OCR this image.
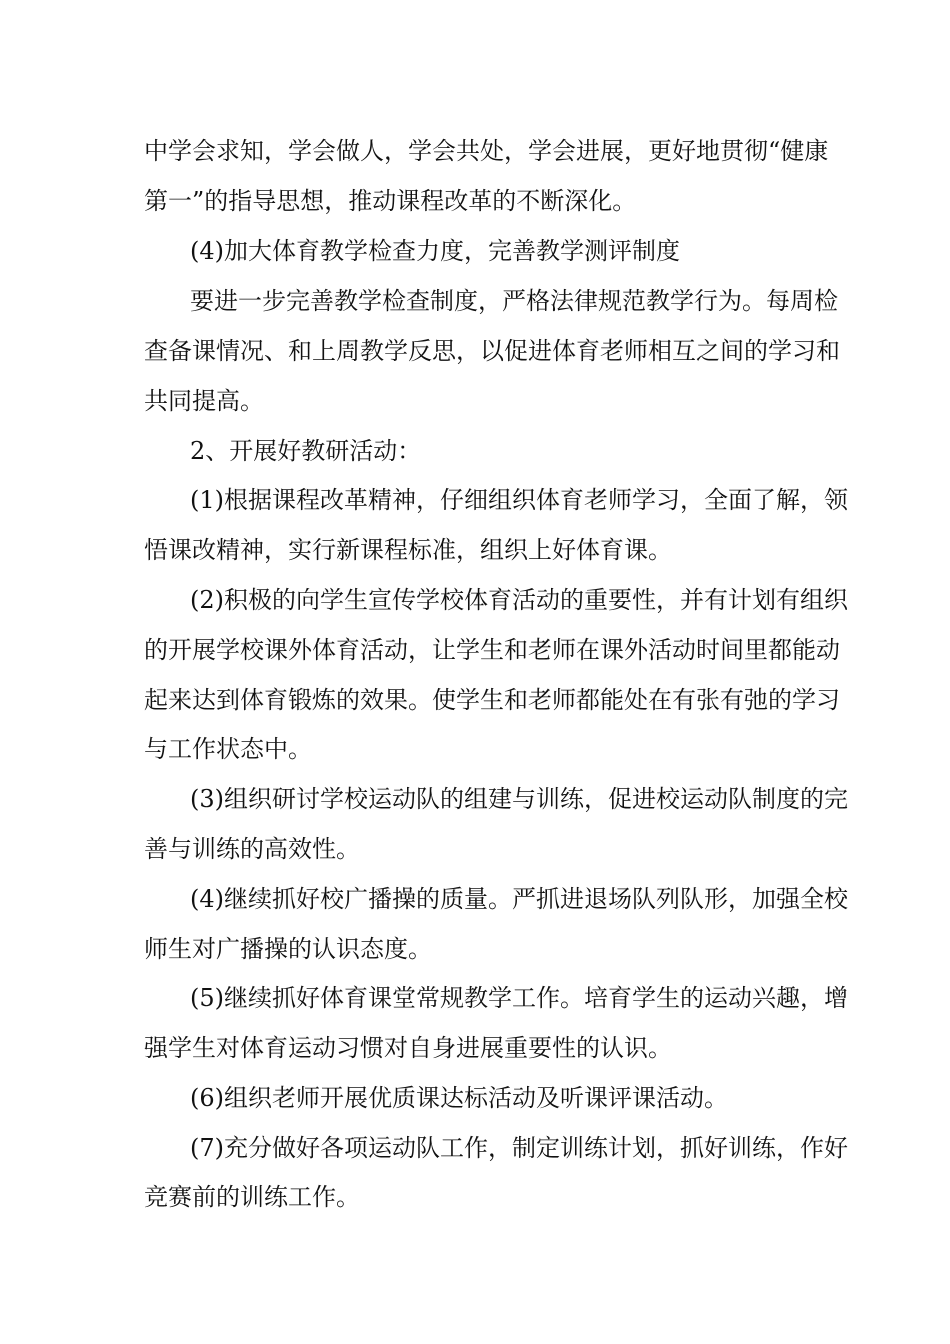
中学会求知，学会做人，学会共处，学会进展，更好地贯彻“健康
第一”的指导思想，推动课程改革的不断深化。
(4)加大体育教学检查力度，完善教学测评制度
要进一步完善教学检查制度，严格法律规范教学行为。每周检
查备课情况、和上周教学反思，以促进体育老师相互之间的学习和
共同提高。
2、开展好教研活动：
(1)根据课程改革精神，仔细组织体育老师学习，全面了解，领
悟课改精神，实行新课程标准，组织上好体育课。
(2)积极的向学生宣传学校体育活动的重要性，并有计划有组织
的开展学校课外体育活动，让学生和老师在课外活动时间里都能动
起来达到体育锻炼的效果。使学生和老师都能处在有张有弛的学习
与工作状态中。
(3)组织研讨学校运动队的组建与训练，促进校运动队制度的完
善与训练的高效性。
(4)继续抓好校广播操的质量。严抓进退场队列队形，加强全校
师生对广播操的认识态度。
(5)继续抓好体育课堂常规教学工作。培育学生的运动兴趣，增
强学生对体育运动习惯对自身进展重要性的认识。
(6)组织老师开展优质课达标活动及听课评课活动。
(7)充分做好各项运动队工作，制定训练计划，抓好训练，作好
竞赛前的训练工作。
